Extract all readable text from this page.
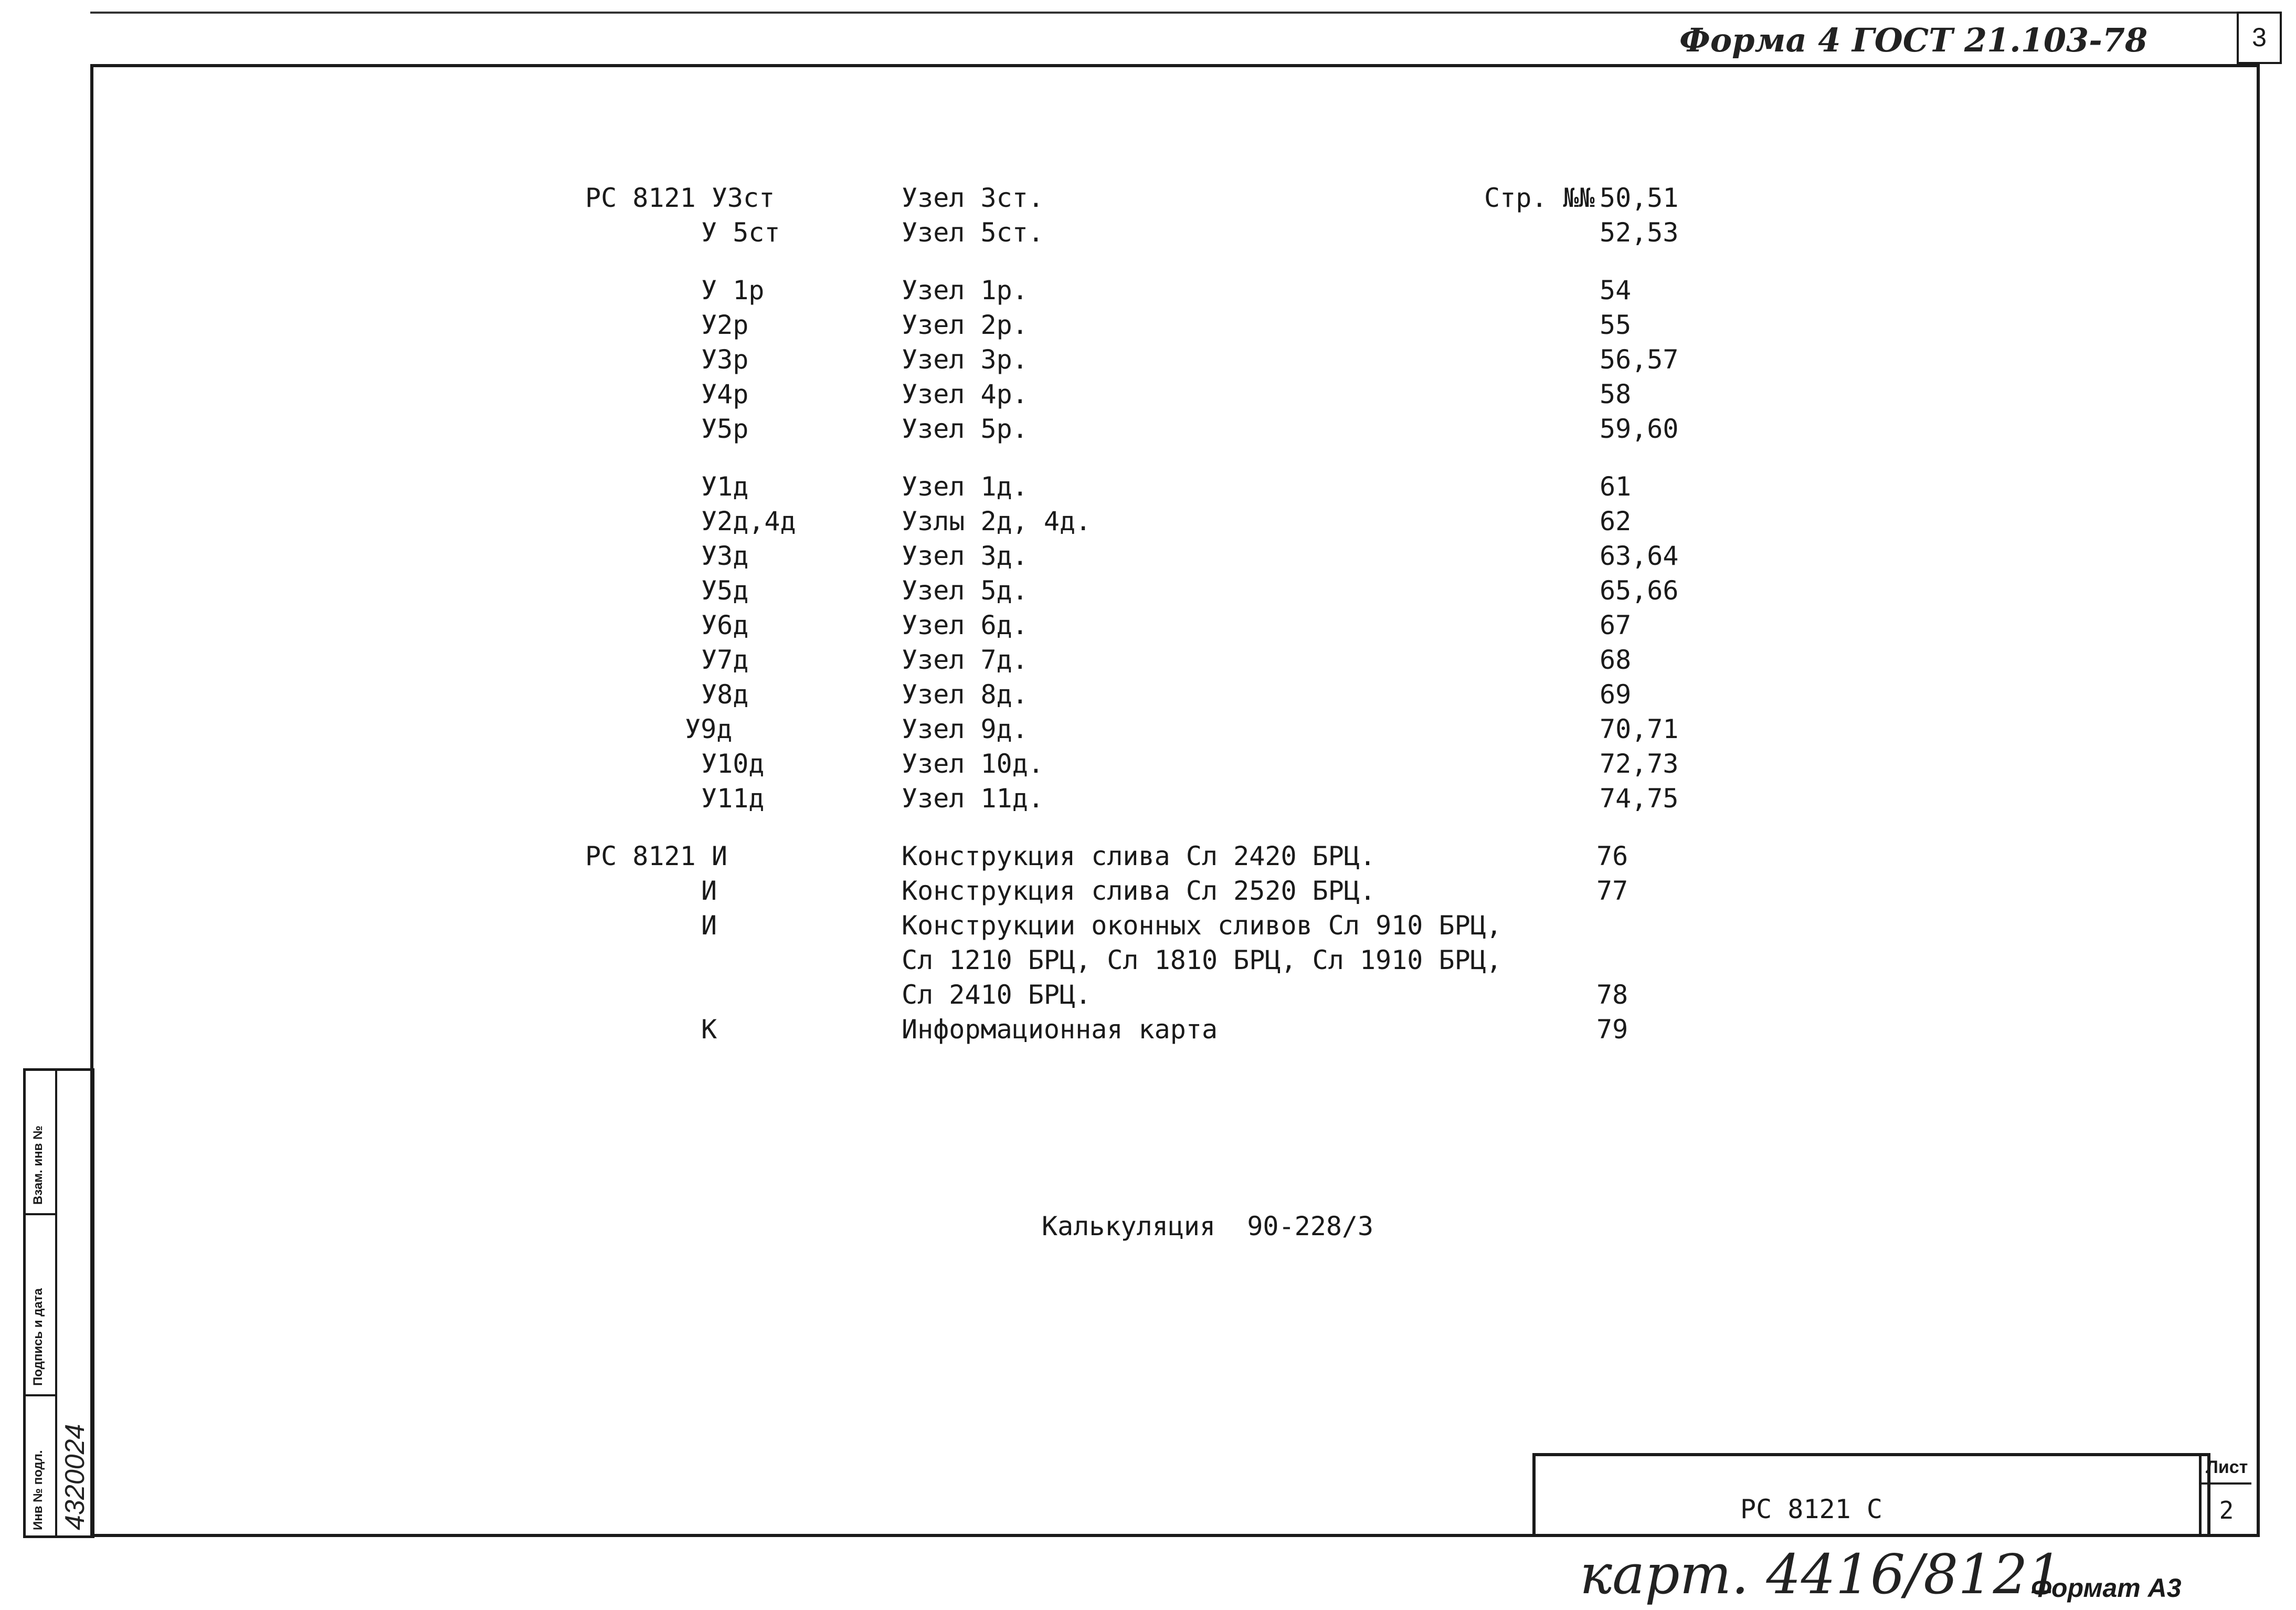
Форма 4 ГОСТ 21.103-78	3
Стр. №№
РС 8121 У3ст	Узел 3ст.	50,51
У 5ст	Узел 5ст.	52,53
У 1р	Узел 1р.	54
У2р	Узел 2р.	55
У3р	Узел 3р.	56,57
У4р	Узел 4р.	58
У5р	Узел 5р.	59,60
У1д	Узел 1д.	61
У2д,4д	Узлы 2д, 4д.	62
У3д	Узел 3д.	63,64
У5д	Узел 5д.	65,66
У6д	Узел 6д.	67
У7д	Узел 7д.	68
У8д	Узел 8д.	69
У9д	Узел 9д.	70,71
У10д	Узел 10д.	72,73
У11д	Узел 11д.	74,75
РС 8121 И	Конструкция слива Сл 2420 БРЦ.	76
И	Конструкция слива Сл 2520 БРЦ.	77
И	Конструкции оконных сливов Сл 910 БРЦ,
Сл 1210 БРЦ, Сл 1810 БРЦ, Сл 1910 БРЦ,
Сл 2410 БРЦ.	78
К	Информационная карта	79
Калькуляция  90-228/3
Взам. инв №
Подпись и дата
Инв № подл. 4320024	РС 8121 С
Лист
2
карт. 4416/8121
Формат А3
